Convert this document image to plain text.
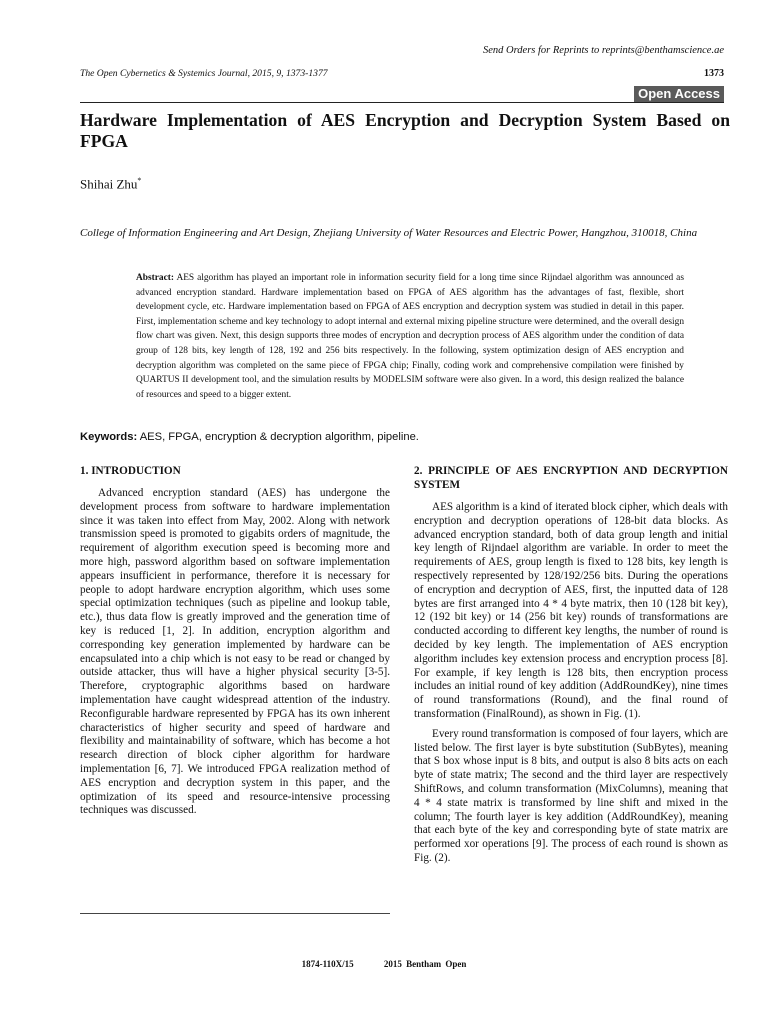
Send Orders for Reprints to reprints@benthamscience.ae
The Open Cybernetics & Systemics Journal, 2015, 9, 1373-1377	1373
Open Access
Hardware Implementation of AES Encryption and Decryption System Based on FPGA
Shihai Zhu*
College of Information Engineering and Art Design, Zhejiang University of Water Resources and Electric Power, Hangzhou, 310018, China
Abstract: AES algorithm has played an important role in information security field for a long time since Rijndael algorithm was announced as advanced encryption standard. Hardware implementation based on FPGA of AES algorithm has the advantages of fast, flexible, short development cycle, etc. Hardware implementation based on FPGA of AES encryption and decryption system was studied in detail in this paper. First, implementation scheme and key technology to adopt internal and external mixing pipeline structure were determined, and the overall design flow chart was given. Next, this design supports three modes of encryption and decryption process of AES algorithm under the condition of data group of 128 bits, key length of 128, 192 and 256 bits respectively. In the following, system optimization design of AES encryption and decryption algorithm was completed on the same piece of FPGA chip; Finally, coding work and comprehensive compilation were finished by QUARTUS II development tool, and the simulation results by MODELSIM software were also given. In a word, this design realized the balance of resources and speed to a bigger extent.
Keywords: AES, FPGA, encryption & decryption algorithm, pipeline.
1. INTRODUCTION

Advanced encryption standard (AES) has undergone the development process from software to hardware implementation since it was taken into effect from May, 2002. Along with network transmission speed is promoted to gigabits orders of magnitude, the requirement of algorithm execution speed is becoming more and more high, password algorithm based on software implementation appears insufficient in performance, therefore it is necessary for people to adopt hardware encryption algorithm, which uses some special optimization techniques (such as pipeline and lookup table, etc.), thus data flow is greatly improved and the generation time of key is reduced [1, 2]. In addition, encryption algorithm and corresponding key generation implemented by hardware can be encapsulated into a chip which is not easy to be read or changed by outside attacker, thus will have a higher physical security [3-5]. Therefore, cryptographic algorithms based on hardware implementation have caught widespread attention of the industry. Reconfigurable hardware represented by FPGA has its own inherent characteristics of higher security and speed of hardware and flexibility and maintainability of software, which has become a hot research direction of block cipher algorithm for hardware implementation [6, 7]. We introduced FPGA realization method of AES encryption and decryption system in this paper, and the optimization of its speed and resource-intensive processing techniques was discussed.

2. PRINCIPLE OF AES ENCRYPTION AND DECRYPTION SYSTEM

AES algorithm is a kind of iterated block cipher, which deals with encryption and decryption operations of 128-bit data blocks. As advanced encryption standard, both of data group length and initial key length of Rijndael algorithm are variable. In order to meet the requirements of AES, group length is fixed to 128 bits, key length is respectively represented by 128/192/256 bits. During the operations of encryption and decryption of AES, first, the inputted data of 128 bytes are first arranged into 4 * 4 byte matrix, then 10 (128 bit key), 12 (192 bit key) or 14 (256 bit key) rounds of transformations are conducted according to different key lengths, the number of round is decided by key length. The implementation of AES encryption algorithm includes key extension process and encryption process [8]. For example, if key length is 128 bits, then encryption process includes an initial round of key addition (AddRoundKey), nine times of round transformations (Round), and the final round of transformation (FinalRound), as shown in Fig. (1).

Every round transformation is composed of four layers, which are listed below. The first layer is byte substitution (SubBytes), meaning that S box whose input is 8 bits, and output is also 8 bits acts on each byte of state matrix; The second and the third layer are respectively ShiftRows, and column transformation (MixColumns), meaning that 4 * 4 state matrix is transformed by line shift and mixed in the column; The fourth layer is key addition (AddRoundKey), meaning that each byte of the key and corresponding byte of state matrix are performed xor operations [9]. The process of each round is shown as Fig. (2).

1874-110X/15	2015 Bentham Open
